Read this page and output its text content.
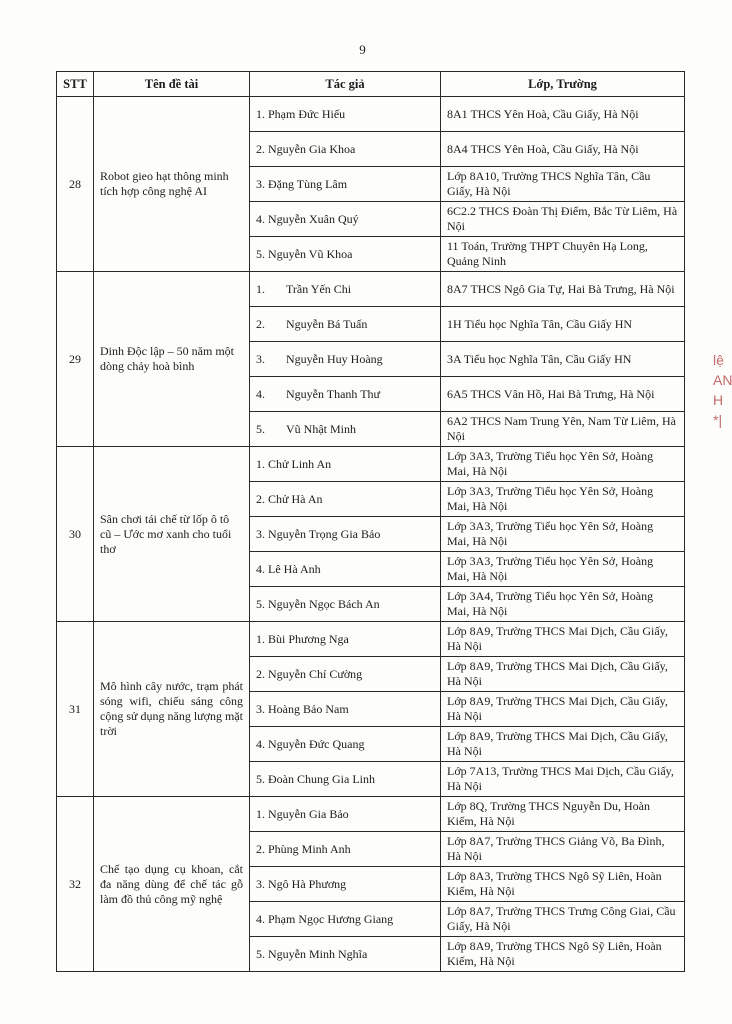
9
STT	Tên đề tài	Tác giả	Lớp, Trường
28	Robot gieo hạt thông minh tích hợp công nghệ AI	1. Phạm Đức Hiếu	8A1 THCS Yên Hoà, Cầu Giấy, Hà Nội
		2. Nguyễn Gia Khoa	8A4 THCS Yên Hoà, Cầu Giấy, Hà Nội
		3. Đặng Tùng Lâm	Lớp 8A10, Trường THCS Nghĩa Tân, Cầu Giấy, Hà Nội
		4. Nguyễn Xuân Quý	6C2.2 THCS Đoàn Thị Điểm, Bắc Từ Liêm, Hà Nội
		5. Nguyễn Vũ Khoa	11 Toán, Trường THPT Chuyên Hạ Long, Quảng Ninh
29	Dinh Độc lập – 50 năm một dòng chảy hoà bình	1. Trần Yến Chi	8A7 THCS Ngô Gia Tự, Hai Bà Trưng, Hà Nội
		2. Nguyễn Bá Tuấn	1H Tiểu học Nghĩa Tân, Cầu Giấy HN
		3. Nguyễn Huy Hoàng	3A Tiểu học Nghĩa Tân, Cầu Giấy HN
		4. Nguyễn Thanh Thư	6A5 THCS Vân Hồ, Hai Bà Trưng, Hà Nội
		5. Vũ Nhật Minh	6A2 THCS Nam Trung Yên, Nam Từ Liêm, Hà Nội
30	Sân chơi tái chế từ lốp ô tô cũ – Ước mơ xanh cho tuổi thơ	1. Chử Linh An	Lớp 3A3, Trường Tiểu học Yên Sở, Hoàng Mai, Hà Nội
		2. Chử Hà An	Lớp 3A3, Trường Tiểu học Yên Sở, Hoàng Mai, Hà Nội
		3. Nguyễn Trọng Gia Bảo	Lớp 3A3, Trường Tiểu học Yên Sở, Hoàng Mai, Hà Nội
		4. Lê Hà Anh	Lớp 3A3, Trường Tiểu học Yên Sở, Hoàng Mai, Hà Nội
		5. Nguyễn Ngọc Bách An	Lớp 3A4, Trường Tiểu học Yên Sở, Hoàng Mai, Hà Nội
31	Mô hình cây nước, trạm phát sóng wifi, chiếu sáng công cộng sử dụng năng lượng mặt trời	1. Bùi Phương Nga	Lớp 8A9, Trường THCS Mai Dịch, Cầu Giấy, Hà Nội
		2. Nguyễn Chí Cường	Lớp 8A9, Trường THCS Mai Dịch, Cầu Giấy, Hà Nội
		3. Hoàng Bảo Nam	Lớp 8A9, Trường THCS Mai Dịch, Cầu Giấy, Hà Nội
		4. Nguyễn Đức Quang	Lớp 8A9, Trường THCS Mai Dịch, Cầu Giấy, Hà Nội
		5. Đoàn Chung Gia Linh	Lớp 7A13, Trường THCS Mai Dịch, Cầu Giấy, Hà Nội
32	Chế tạo dụng cụ khoan, cắt đa năng dùng để chế tác gỗ làm đồ thủ công mỹ nghệ	1. Nguyễn Gia Bảo	Lớp 8Q, Trường THCS Nguyễn Du, Hoàn Kiếm, Hà Nội
		2. Phùng Minh Anh	Lớp 8A7, Trường THCS Giảng Võ, Ba Đình, Hà Nội
		3. Ngô Hà Phương	Lớp 8A3, Trường THCS Ngô Sỹ Liên, Hoàn Kiếm, Hà Nội
		4. Phạm Ngọc Hương Giang	Lớp 8A7, Trường THCS Trưng Công Giai, Cầu Giấy, Hà Nội
		5. Nguyễn Minh Nghĩa	Lớp 8A9, Trường THCS Ngô Sỹ Liên, Hoàn Kiếm, Hà Nội
lệ
AN
H
*|
